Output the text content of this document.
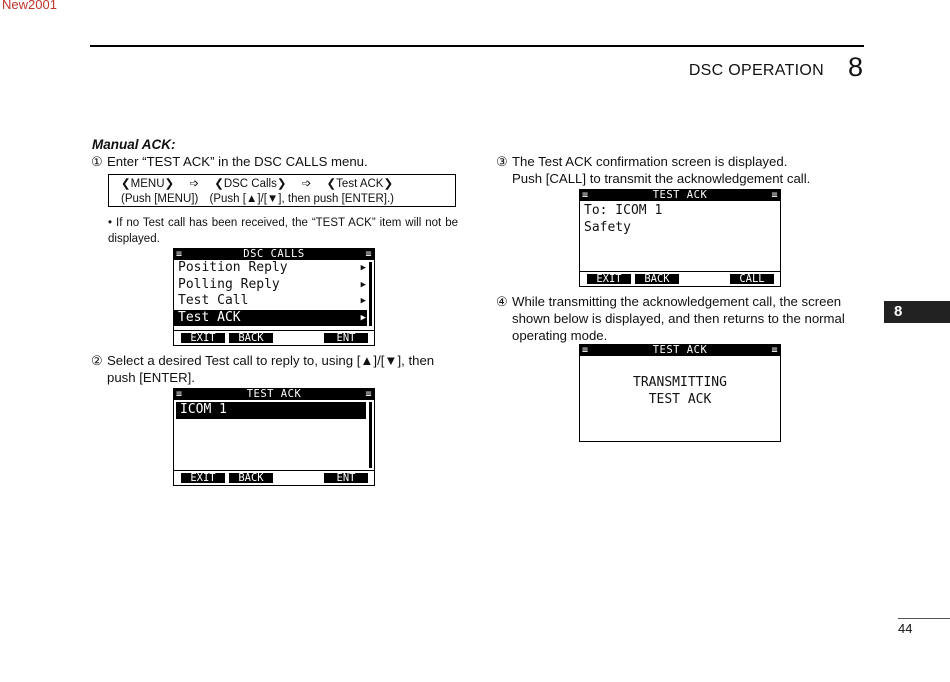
New2001
DSC OPERATION 8
8
44
Manual ACK:
① Enter “TEST ACK” in the DSC CALLS menu.
❮MENU❯ ➩ ❮DSC Calls❯ ➩ ❮Test ACK❯
(Push [MENU]) (Push [▲]/[▼], then push [ENTER].)
• If no Test call has been received, the “TEST ACK” item will not be displayed.
≡	DSC CALLS	≡
Position Reply	▶
Polling Reply	▶
Test Call	▶
Test ACK	▶
EXIT	BACK	ENT
② Select a desired Test call to reply to, using [▲]/[▼], then
push [ENTER].
≡	TEST ACK	≡
ICOM 1
EXIT	BACK	ENT
③ The Test ACK confirmation screen is displayed.
Push [CALL] to transmit the acknowledgement call.
≡	TEST ACK	≡
To: ICOM 1
Safety
EXIT	BACK	CALL
④ While transmitting the acknowledgement call, the screen
shown below is displayed, and then returns to the normal
operating mode.
≡	TEST ACK	≡
TRANSMITTING
TEST ACK
